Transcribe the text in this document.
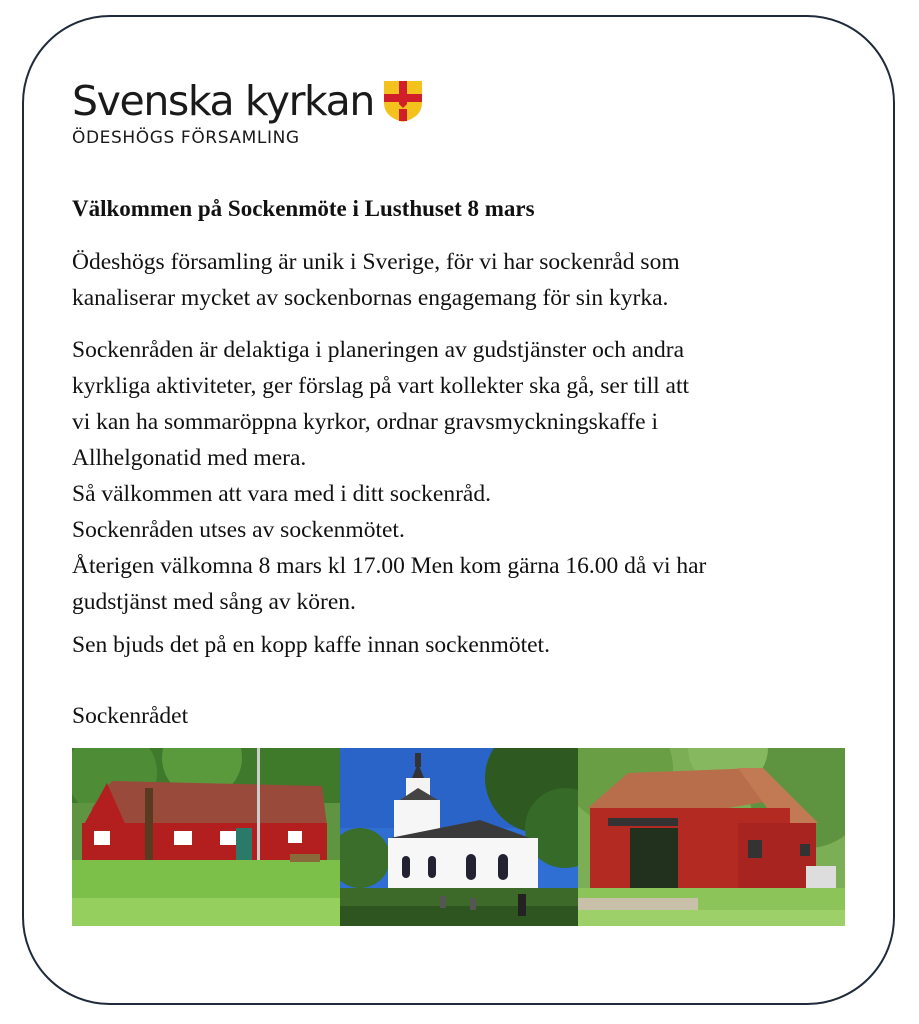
Svenska kyrkan
ÖDESHÖGS FÖRSAMLING
Välkommen på Sockenmöte i Lusthuset 8 mars

Ödeshögs församling är unik i Sverige, för vi har sockenråd som
kanaliserar mycket av sockenbornas engagemang för sin kyrka.

Sockenråden är delaktiga i planeringen av gudstjänster och andra
kyrkliga aktiviteter, ger förslag på vart kollekter ska gå, ser till att
vi kan ha sommaröppna kyrkor, ordnar gravsmyckningskaffe i
Allhelgonatid med mera.
Så välkommen att vara med i ditt sockenråd.
Sockenråden utses av sockenmötet.
Återigen välkomna 8 mars kl 17.00 Men kom gärna 16.00 då vi har
gudstjänst med sång av kören.

Sen bjuds det på en kopp kaffe innan sockenmötet.

Sockenrådet
